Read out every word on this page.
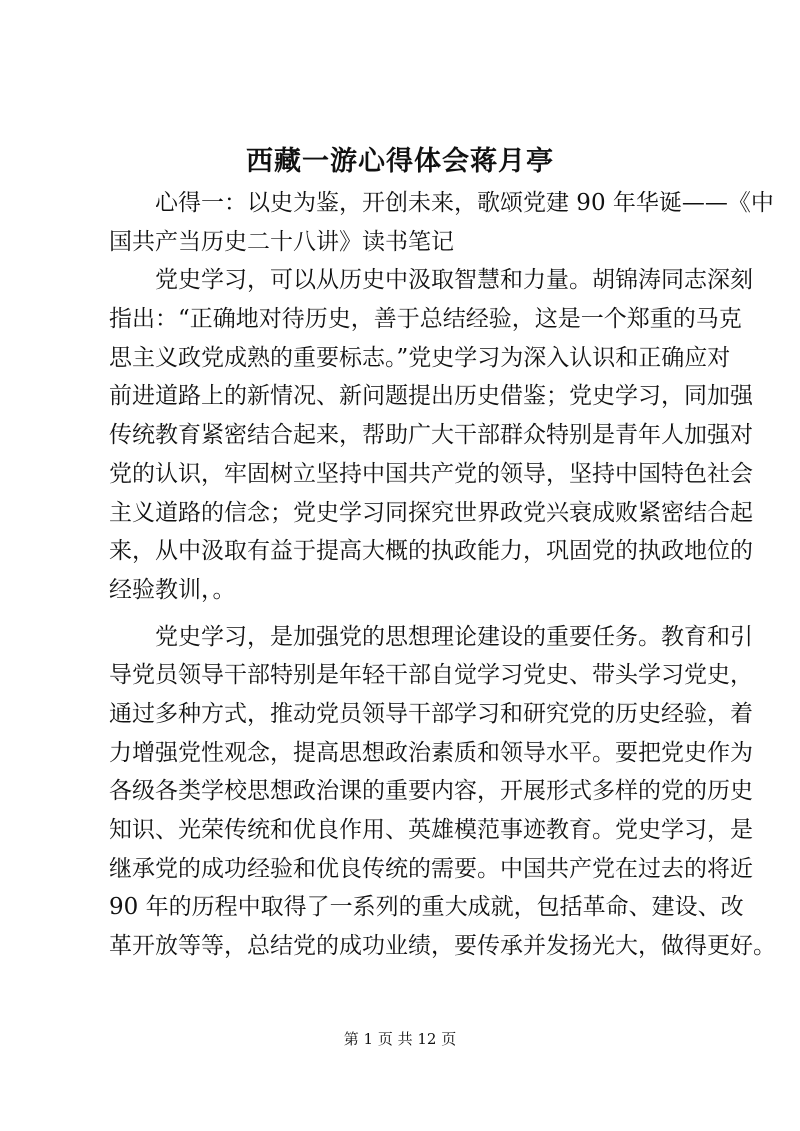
西藏一游心得体会蒋月亭
　　心得一：以史为鉴，开创未来，歌颂党建 90 年华诞——《中
国共产当历史二十八讲》读书笔记
　　党史学习，可以从历史中汲取智慧和力量。胡锦涛同志深刻
指出：“正确地对待历史，善于总结经验，这是一个郑重的马克
思主义政党成熟的重要标志。”党史学习为深入认识和正确应对
前进道路上的新情况、新问题提出历史借鉴；党史学习，同加强
传统教育紧密结合起来，帮助广大干部群众特别是青年人加强对
党的认识，牢固树立坚持中国共产党的领导，坚持中国特色社会
主义道路的信念；党史学习同探究世界政党兴衰成败紧密结合起
来，从中汲取有益于提高大概的执政能力，巩固党的执政地位的
经验教训，。
　　党史学习，是加强党的思想理论建设的重要任务。教育和引
导党员领导干部特别是年轻干部自觉学习党史、带头学习党史，
通过多种方式，推动党员领导干部学习和研究党的历史经验，着
力增强党性观念，提高思想政治素质和领导水平。要把党史作为
各级各类学校思想政治课的重要内容，开展形式多样的党的历史
知识、光荣传统和优良作用、英雄模范事迹教育。党史学习，是
继承党的成功经验和优良传统的需要。中国共产党在过去的将近
90 年的历程中取得了一系列的重大成就，包括革命、建设、改
革开放等等，总结党的成功业绩，要传承并发扬光大，做得更好。
第 1 页 共 12 页
